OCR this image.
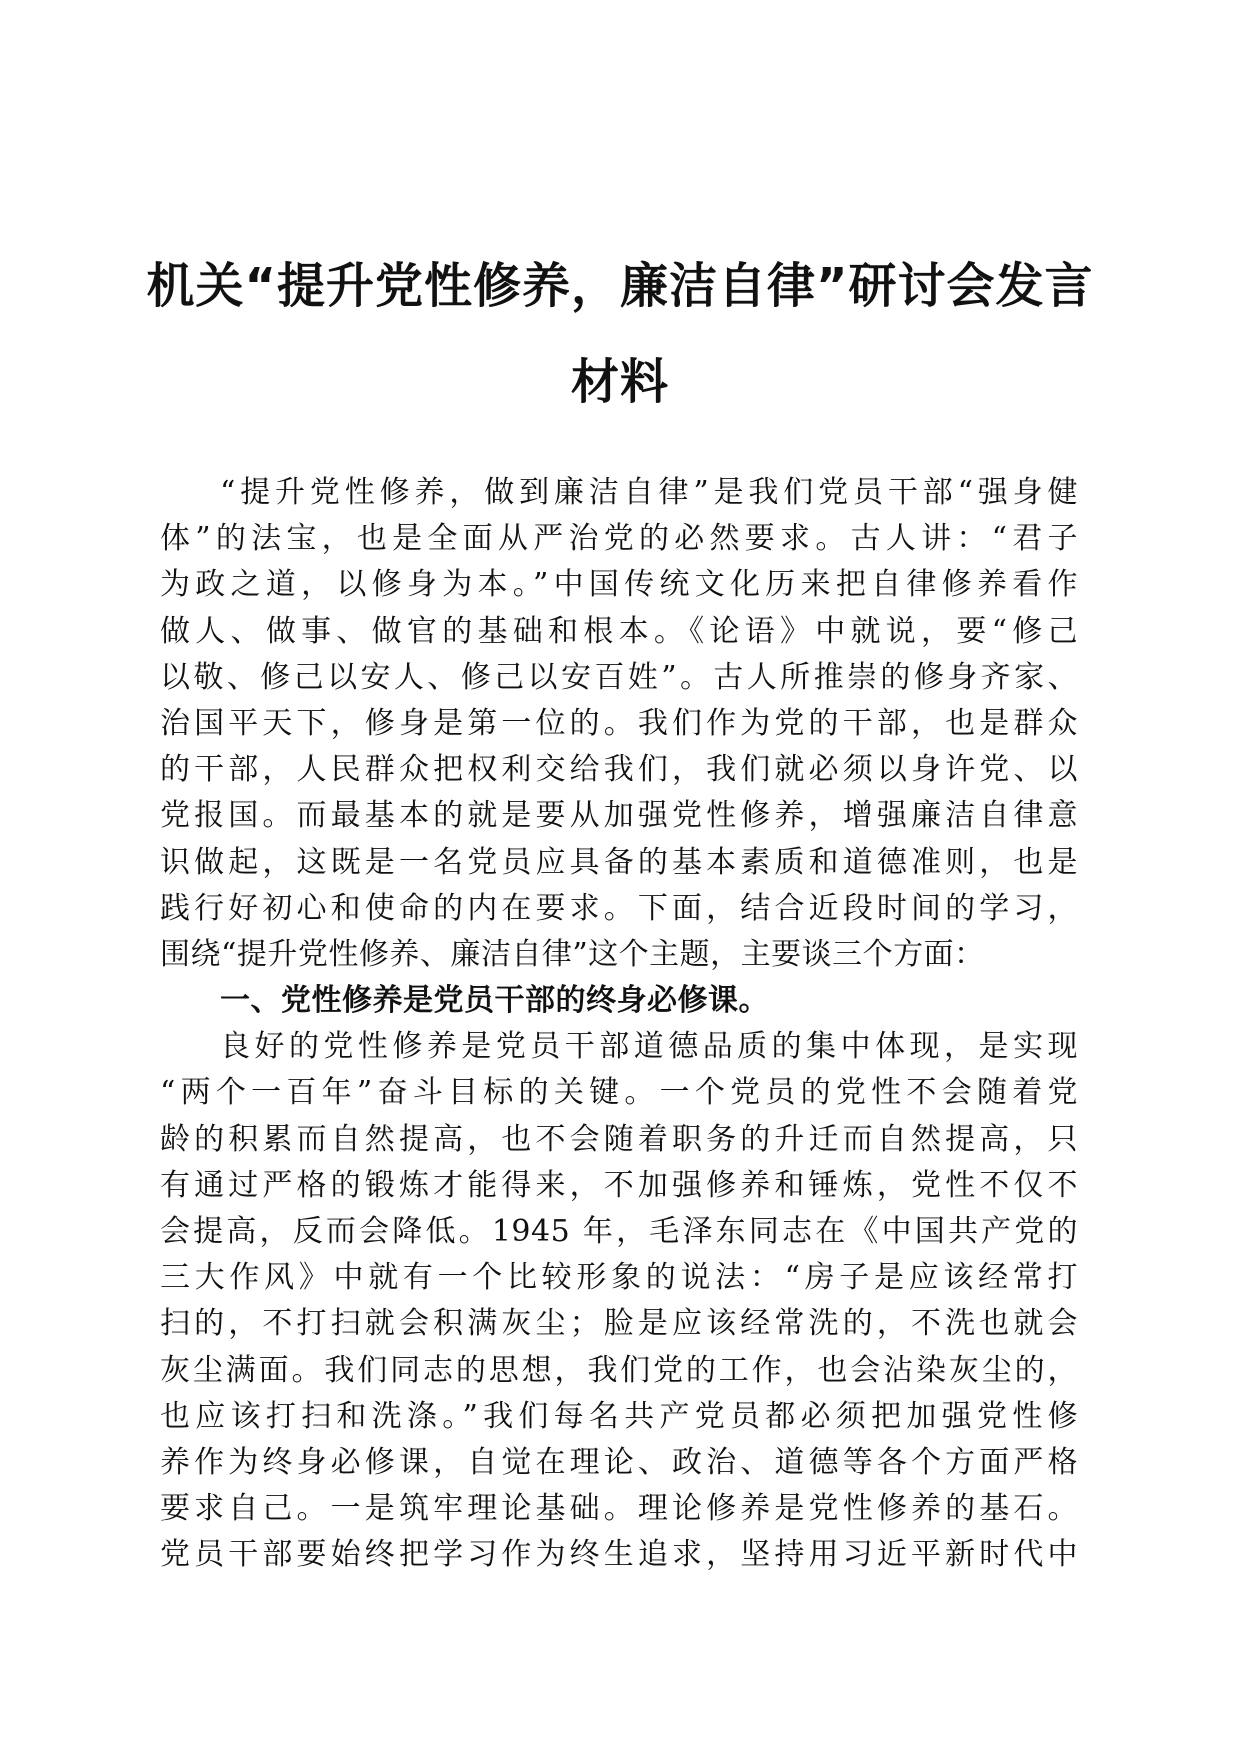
机关“提升党性修养，廉洁自律”研讨会发言
材料
“提升党性修养，做到廉洁自律”是我们党员干部“强身健
体”的法宝，也是全面从严治党的必然要求。古人讲：“君子
为政之道，以修身为本。”中国传统文化历来把自律修养看作
做人、做事、做官的基础和根本。《论语》中就说，要“修己
以敬、修己以安人、修己以安百姓”。古人所推崇的修身齐家、
治国平天下，修身是第一位的。我们作为党的干部，也是群众
的干部，人民群众把权利交给我们，我们就必须以身许党、以
党报国。而最基本的就是要从加强党性修养，增强廉洁自律意
识做起，这既是一名党员应具备的基本素质和道德准则，也是
践行好初心和使命的内在要求。下面，结合近段时间的学习，
围绕“提升党性修养、廉洁自律”这个主题，主要谈三个方面：
一、党性修养是党员干部的终身必修课。
良好的党性修养是党员干部道德品质的集中体现，是实现
“两个一百年”奋斗目标的关键。一个党员的党性不会随着党
龄的积累而自然提高，也不会随着职务的升迁而自然提高，只
有通过严格的锻炼才能得来，不加强修养和锤炼，党性不仅不
会提高，反而会降低。1945 年，毛泽东同志在《中国共产党的
三大作风》中就有一个比较形象的说法：“房子是应该经常打
扫的，不打扫就会积满灰尘；脸是应该经常洗的，不洗也就会
灰尘满面。我们同志的思想，我们党的工作，也会沾染灰尘的，
也应该打扫和洗涤。”我们每名共产党员都必须把加强党性修
养作为终身必修课，自觉在理论、政治、道德等各个方面严格
要求自己。一是筑牢理论基础。理论修养是党性修养的基石。
党员干部要始终把学习作为终生追求，坚持用习近平新时代中
